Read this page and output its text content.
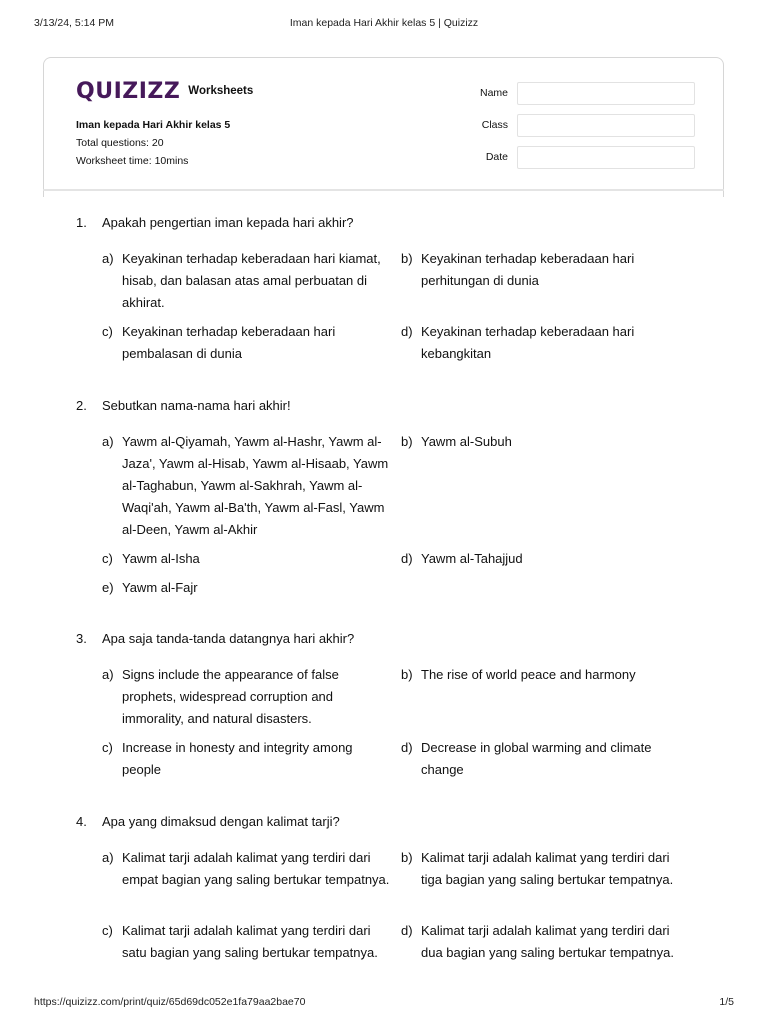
3/13/24, 5:14 PM	Iman kepada Hari Akhir kelas 5 | Quizizz
QUIZIZZ Worksheets
Iman kepada Hari Akhir kelas 5
Total questions: 20
Worksheet time: 10mins
Name
Class
Date
1.	Apakah pengertian iman kepada hari akhir?
a) Keyakinan terhadap keberadaan hari kiamat, hisab, dan balasan atas amal perbuatan di akhirat.
b) Keyakinan terhadap keberadaan hari perhitungan di dunia
c) Keyakinan terhadap keberadaan hari pembalasan di dunia
d) Keyakinan terhadap keberadaan hari kebangkitan
2.	Sebutkan nama-nama hari akhir!
a) Yawm al-Qiyamah, Yawm al-Hashr, Yawm al-Jaza', Yawm al-Hisab, Yawm al-Hisaab, Yawm al-Taghabun, Yawm al-Sakhrah, Yawm al-Waqi'ah, Yawm al-Ba'th, Yawm al-Fasl, Yawm al-Deen, Yawm al-Akhir
b) Yawm al-Subuh
c) Yawm al-Isha	d) Yawm al-Tahajjud
e) Yawm al-Fajr
3.	Apa saja tanda-tanda datangnya hari akhir?
a) Signs include the appearance of false prophets, widespread corruption and immorality, and natural disasters.
b) The rise of world peace and harmony
c) Increase in honesty and integrity among people
d) Decrease in global warming and climate change
4.	Apa yang dimaksud dengan kalimat tarji?
a) Kalimat tarji adalah kalimat yang terdiri dari empat bagian yang saling bertukar tempatnya.
b) Kalimat tarji adalah kalimat yang terdiri dari tiga bagian yang saling bertukar tempatnya.
c) Kalimat tarji adalah kalimat yang terdiri dari satu bagian yang saling bertukar tempatnya.
d) Kalimat tarji adalah kalimat yang terdiri dari dua bagian yang saling bertukar tempatnya.
https://quizizz.com/print/quiz/65d69dc052e1fa79aa2bae70	1/5
